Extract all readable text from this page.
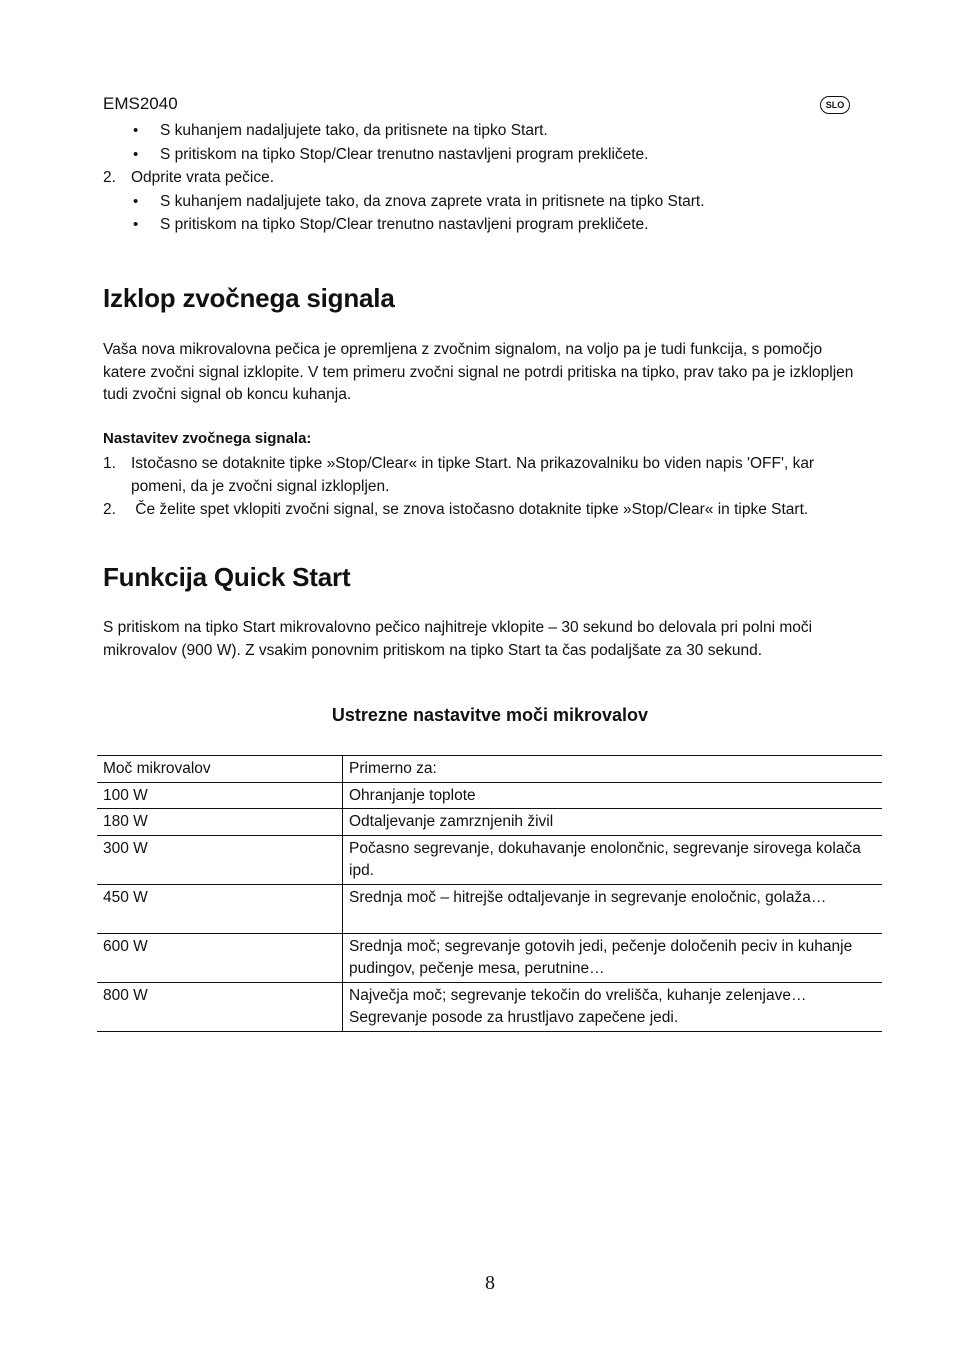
EMS2040	SLO
• S kuhanjem nadaljujete tako, da pritisnete na tipko Start.
• S pritiskom na tipko Stop/Clear trenutno nastavljeni program prekličete.
2. Odprite vrata pečice.
• S kuhanjem nadaljujete tako, da znova zaprete vrata in pritisnete na tipko Start.
• S pritiskom na tipko Stop/Clear trenutno nastavljeni program prekličete.
Izklop zvočnega signala

Vaša nova mikrovalovna pečica je opremljena z zvočnim signalom, na voljo pa je tudi funkcija, s pomočjo

katere zvočni signal izklopite. V tem primeru zvočni signal ne potrdi pritiska na tipko, prav tako pa je izklopljen

tudi zvočni signal ob koncu kuhanja.

Nastavitev zvočnega signala:
1. Istočasno se dotaknite tipke »Stop/Clear« in tipke Start. Na prikazovalniku bo viden napis 'OFF', kar
pomeni, da je zvočni signal izklopljen.
2. Če želite spet vklopiti zvočni signal, se znova istočasno dotaknite tipke »Stop/Clear« in tipke Start.
Funkcija Quick Start

S pritiskom na tipko Start mikrovalovno pečico najhitreje vklopite – 30 sekund bo delovala pri polni moči

mikrovalov (900 W). Z vsakim ponovnim pritiskom na tipko Start ta čas podaljšate za 30 sekund.

Ustrezne nastavitve moči mikrovalov
Moč mikrovalov	Primerno za:
100 W	Ohranjanje toplote

180 W	Odtaljevanje zamrznjenih živil

300 W	Počasno segrevanje, dokuhavanje enolončnic, segrevanje sirovega kolača
ipd.

450 W	Srednja moč – hitrejše odtaljevanje in segrevanje enoločnic, golaža…

600 W	Srednja moč; segrevanje gotovih jedi, pečenje določenih peciv in kuhanje
pudingov, pečenje mesa, perutnine…

800 W	Največja moč; segrevanje tekočin do vrelišča, kuhanje zelenjave…
Segrevanje posode za hrustljavo zapečene jedi.
8
